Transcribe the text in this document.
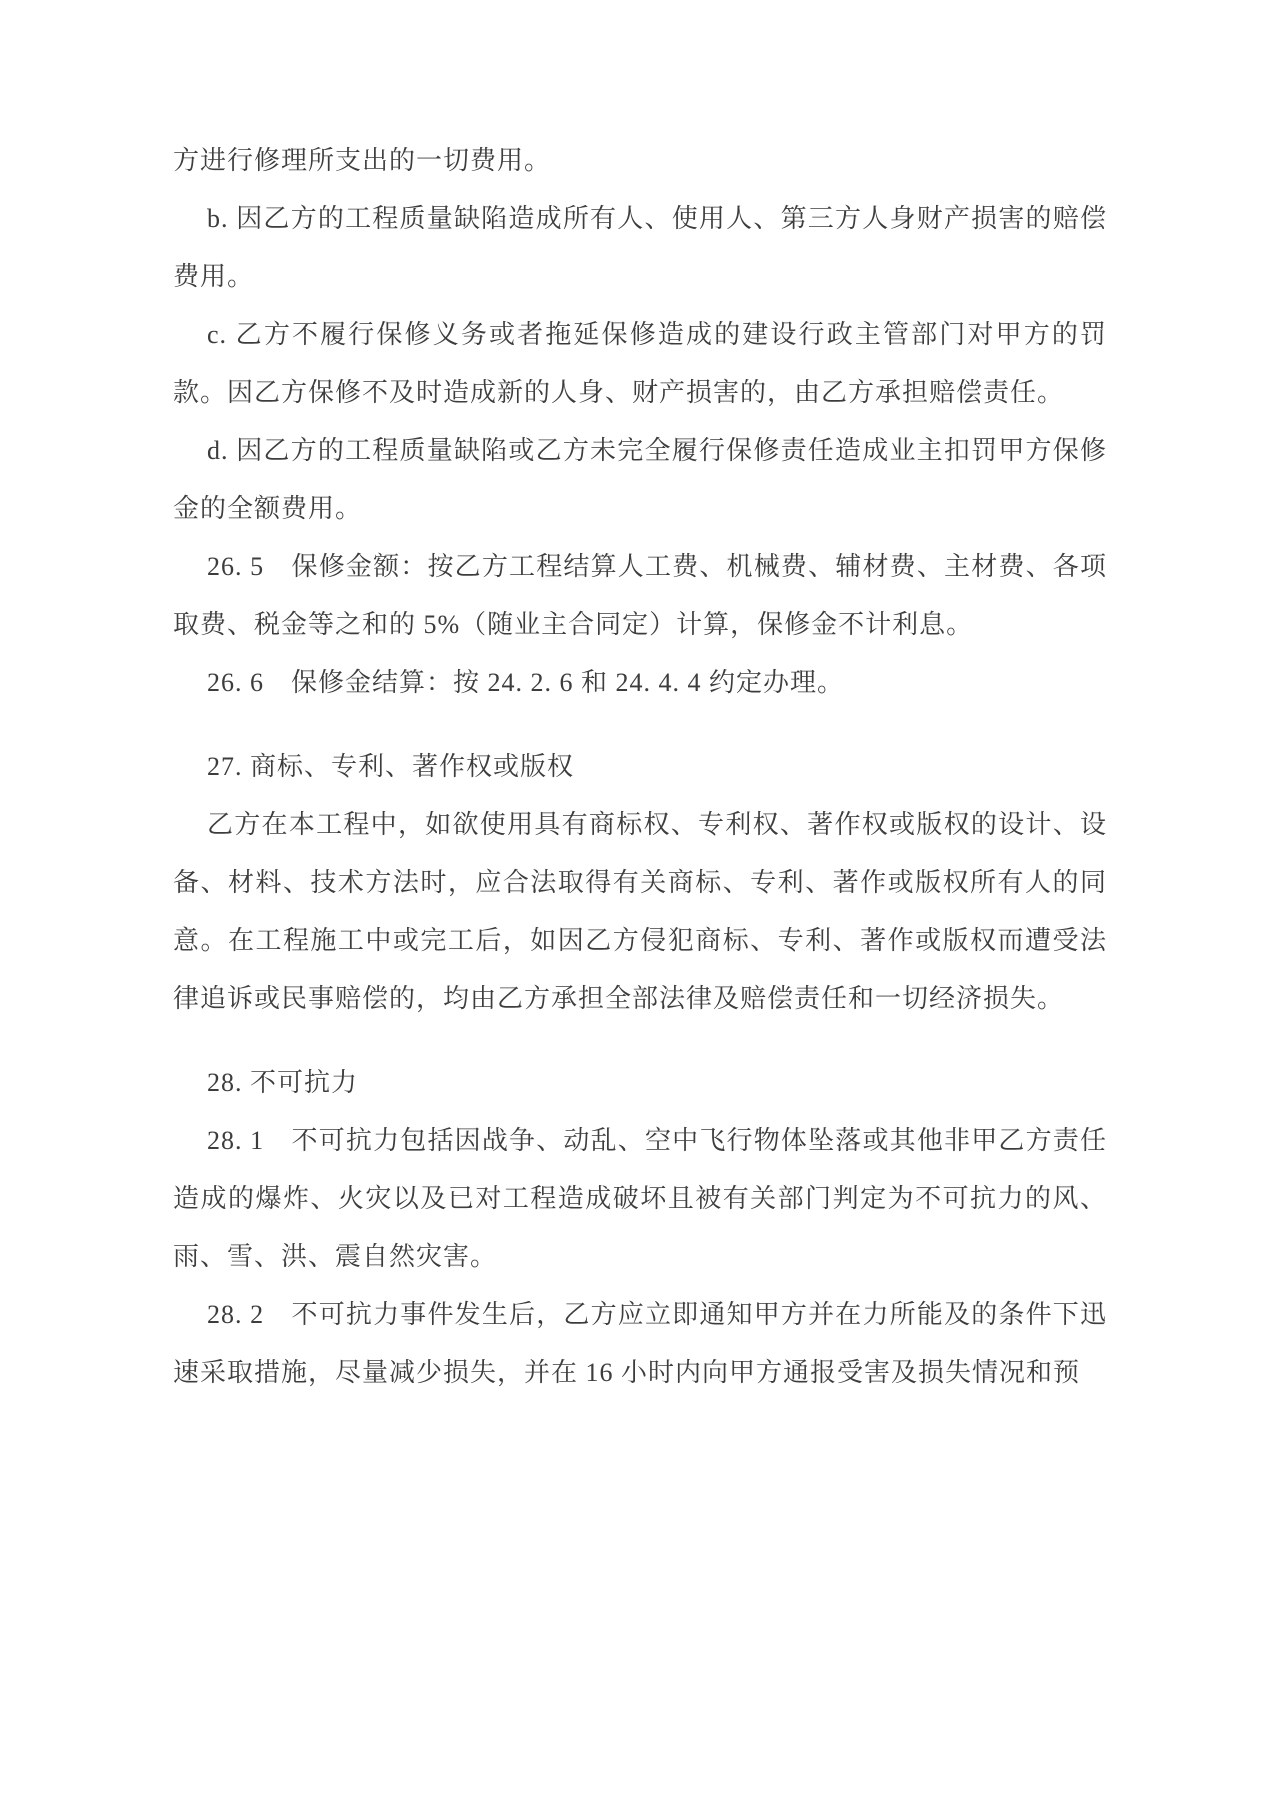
方进行修理所支出的一切费用。

b. 因乙方的工程质量缺陷造成所有人、使用人、第三方人身财产损害的赔偿费用。

c. 乙方不履行保修义务或者拖延保修造成的建设行政主管部门对甲方的罚款。因乙方保修不及时造成新的人身、财产损害的，由乙方承担赔偿责任。

d. 因乙方的工程质量缺陷或乙方未完全履行保修责任造成业主扣罚甲方保修金的全额费用。

26. 5　保修金额：按乙方工程结算人工费、机械费、辅材费、主材费、各项取费、税金等之和的 5%（随业主合同定）计算，保修金不计利息。

26. 6　保修金结算：按 24. 2. 6 和 24. 4. 4 约定办理。

27. 商标、专利、著作权或版权

乙方在本工程中，如欲使用具有商标权、专利权、著作权或版权的设计、设备、材料、技术方法时，应合法取得有关商标、专利、著作或版权所有人的同意。在工程施工中或完工后，如因乙方侵犯商标、专利、著作或版权而遭受法律追诉或民事赔偿的，均由乙方承担全部法律及赔偿责任和一切经济损失。

28. 不可抗力

28. 1　不可抗力包括因战争、动乱、空中飞行物体坠落或其他非甲乙方责任造成的爆炸、火灾以及已对工程造成破坏且被有关部门判定为不可抗力的风、雨、雪、洪、震自然灾害。

28. 2　不可抗力事件发生后，乙方应立即通知甲方并在力所能及的条件下迅速采取措施，尽量减少损失，并在 16 小时内向甲方通报受害及损失情况和预
